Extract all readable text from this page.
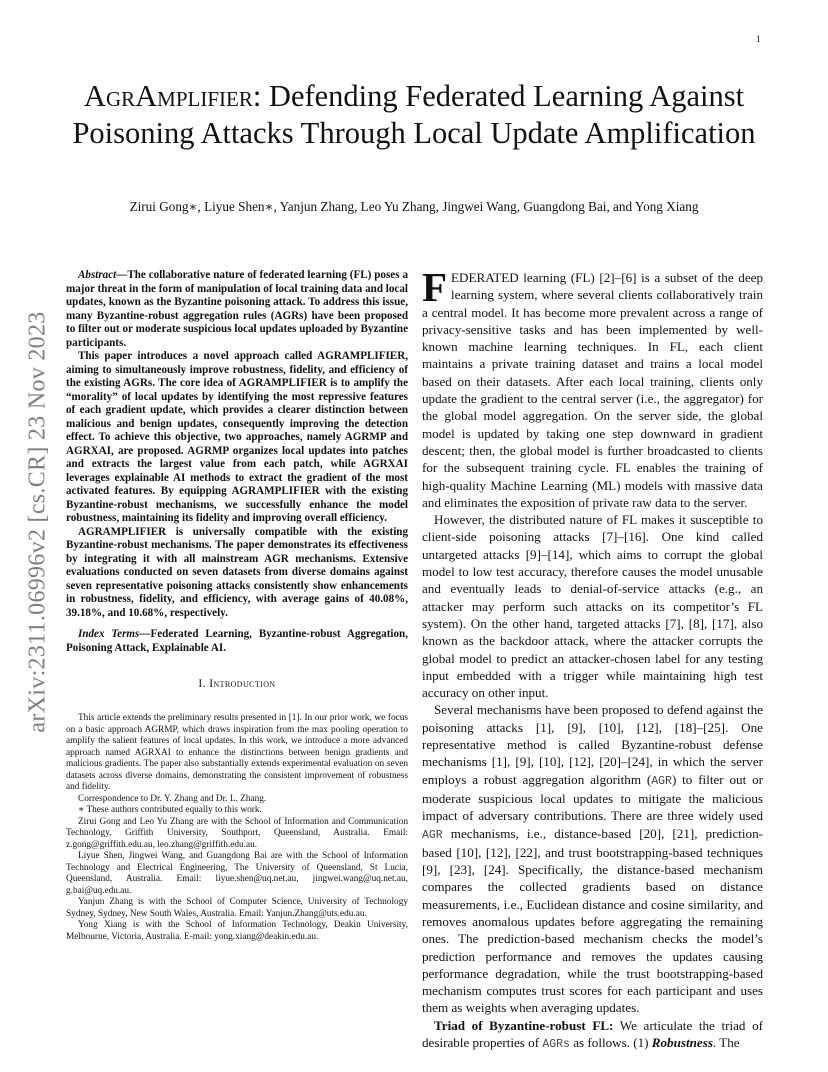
1
arXiv:2311.06996v2 [cs.CR] 23 Nov 2023
AgrAmplifier: Defending Federated Learning Against Poisoning Attacks Through Local Update Amplification

Zirui Gong∗, Liyue Shen∗, Yanjun Zhang, Leo Yu Zhang, Jingwei Wang, Guangdong Bai, and Yong Xiang

Abstract—The collaborative nature of federated learning (FL) poses a major threat in the form of manipulation of local training data and local updates, known as the Byzantine poisoning attack. To address this issue, many Byzantine-robust aggregation rules (AGRs) have been proposed to filter out or moderate suspicious local updates uploaded by Byzantine participants.

This paper introduces a novel approach called AGRAMPLIFIER, aiming to simultaneously improve robustness, fidelity, and efficiency of the existing AGRs. The core idea of AGRAMPLIFIER is to amplify the “morality” of local updates by identifying the most repressive features of each gradient update, which provides a clearer distinction between malicious and benign updates, consequently improving the detection effect. To achieve this objective, two approaches, namely AGRMP and AGRXAI, are proposed. AGRMP organizes local updates into patches and extracts the largest value from each patch, while AGRXAI leverages explainable AI methods to extract the gradient of the most activated features. By equipping AGRAMPLIFIER with the existing Byzantine-robust mechanisms, we successfully enhance the model robustness, maintaining its fidelity and improving overall efficiency.

AGRAMPLIFIER is universally compatible with the existing Byzantine-robust mechanisms. The paper demonstrates its effectiveness by integrating it with all mainstream AGR mechanisms. Extensive evaluations conducted on seven datasets from diverse domains against seven representative poisoning attacks consistently show enhancements in robustness, fidelity, and efficiency, with average gains of 40.08%, 39.18%, and 10.68%, respectively.

Index Terms—Federated Learning, Byzantine-robust Aggregation, Poisoning Attack, Explainable AI.

I. Introduction

This article extends the preliminary results presented in [1]. In our prior work, we focus on a basic approach AGRMP, which draws inspiration from the max pooling operation to amplify the salient features of local updates. In this work, we introduce a more advanced approach named AGRXAI to enhance the distinctions between benign gradients and malicious gradients. The paper also substantially extends experimental evaluation on seven datasets across diverse domains, demonstrating the consistent improvement of robustness and fidelity.

Correspondence to Dr. Y. Zhang and Dr. L. Zhang.

∗ These authors contributed equally to this work.

Zirui Gong and Leo Yu Zhang are with the School of Information and Communication Technology, Griffith University, Southport, Queensland, Australia. Email: z.gong@griffith.edu.au, leo.zhang@griffith.edu.au.

Liyue Shen, Jingwei Wang, and Guangdong Bai are with the School of Information Technology and Electrical Engineering, The University of Queensland, St Lucia, Queensland, Australia. Email: liyue.shen@uq.net.au, jingwei.wang@uq.net.au, g.bai@uq.edu.au.

Yanjun Zhang is with the School of Computer Science, University of Technology Sydney, Sydney, New South Wales, Australia. Email: Yanjun.Zhang@uts.edu.au.

Yong Xiang is with the School of Information Technology, Deakin University, Melbourne, Victoria, Australia. E-mail: yong.xiang@deakin.edu.au.

FEDERATED learning (FL) [2]–[6] is a subset of the deep learning system, where several clients collaboratively train a central model. It has become more prevalent across a range of privacy-sensitive tasks and has been implemented by well-known machine learning techniques. In FL, each client maintains a private training dataset and trains a local model based on their datasets. After each local training, clients only update the gradient to the central server (i.e., the aggregator) for the global model aggregation. On the server side, the global model is updated by taking one step downward in gradient descent; then, the global model is further broadcasted to clients for the subsequent training cycle. FL enables the training of high-quality Machine Learning (ML) models with massive data and eliminates the exposition of private raw data to the server.

However, the distributed nature of FL makes it susceptible to client-side poisoning attacks [7]–[16]. One kind called untargeted attacks [9]–[14], which aims to corrupt the global model to low test accuracy, therefore causes the model unusable and eventually leads to denial-of-service attacks (e.g., an attacker may perform such attacks on its competitor’s FL system). On the other hand, targeted attacks [7], [8], [17], also known as the backdoor attack, where the attacker corrupts the global model to predict an attacker-chosen label for any testing input embedded with a trigger while maintaining high test accuracy on other input.

Several mechanisms have been proposed to defend against the poisoning attacks [1], [9], [10], [12], [18]–[25]. One representative method is called Byzantine-robust defense mechanisms [1], [9], [10], [12], [20]–[24], in which the server employs a robust aggregation algorithm (AGR) to filter out or moderate suspicious local updates to mitigate the malicious impact of adversary contributions. There are three widely used AGR mechanisms, i.e., distance-based [20], [21], prediction-based [10], [12], [22], and trust bootstrapping-based techniques [9], [23], [24]. Specifically, the distance-based mechanism compares the collected gradients based on distance measurements, i.e., Euclidean distance and cosine similarity, and removes anomalous updates before aggregating the remaining ones. The prediction-based mechanism checks the model’s prediction performance and removes the updates causing performance degradation, while the trust bootstrapping-based mechanism computes trust scores for each participant and uses them as weights when averaging updates.

Triad of Byzantine-robust FL: We articulate the triad of desirable properties of AGRs as follows. (1) Robustness. The
